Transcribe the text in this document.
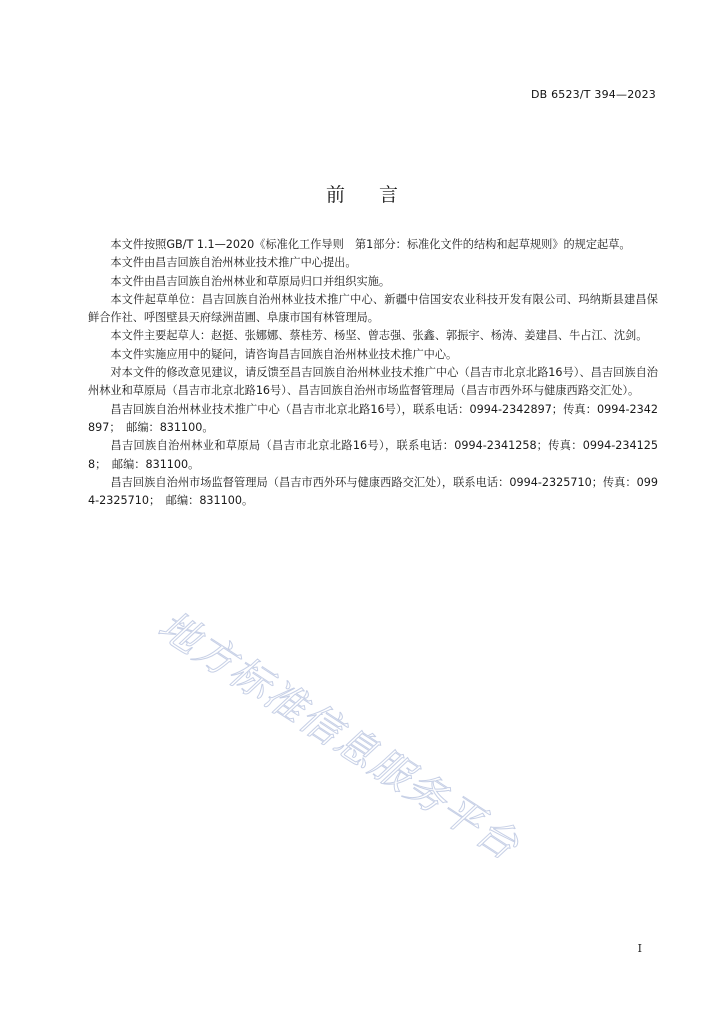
DB 6523/T 394—2023
前言

本文件按照GB/T 1.1—2020《标准化工作导则　第1部分：标准化文件的结构和起草规则》的规定起草。

本文件由昌吉回族自治州林业技术推广中心提出。

本文件由昌吉回族自治州林业和草原局归口并组织实施。

本文件起草单位：昌吉回族自治州林业技术推广中心、新疆中信国安农业科技开发有限公司、玛纳斯县建昌保鲜合作社、呼图壁县天府绿洲苗圃、阜康市国有林管理局。

本文件主要起草人：赵挺、张娜娜、蔡桂芳、杨坚、曾志强、张鑫、郭振宇、杨涛、姜建昌、牛占江、沈剑。

本文件实施应用中的疑问，请咨询昌吉回族自治州林业技术推广中心。

对本文件的修改意见建议，请反馈至昌吉回族自治州林业技术推广中心（昌吉市北京北路16号）、昌吉回族自治州林业和草原局（昌吉市北京北路16号）、昌吉回族自治州市场监督管理局（昌吉市西外环与健康西路交汇处）。

昌吉回族自治州林业技术推广中心（昌吉市北京北路16号），联系电话：0994-2342897；传真：0994-2342897；　邮编：831100。

昌吉回族自治州林业和草原局（昌吉市北京北路16号），联系电话：0994-2341258；传真：0994-2341258；　邮编：831100。

昌吉回族自治州市场监督管理局（昌吉市西外环与健康西路交汇处），联系电话：0994-2325710；传真：0994-2325710；　邮编：831100。

地方标准信息服务平台
I
